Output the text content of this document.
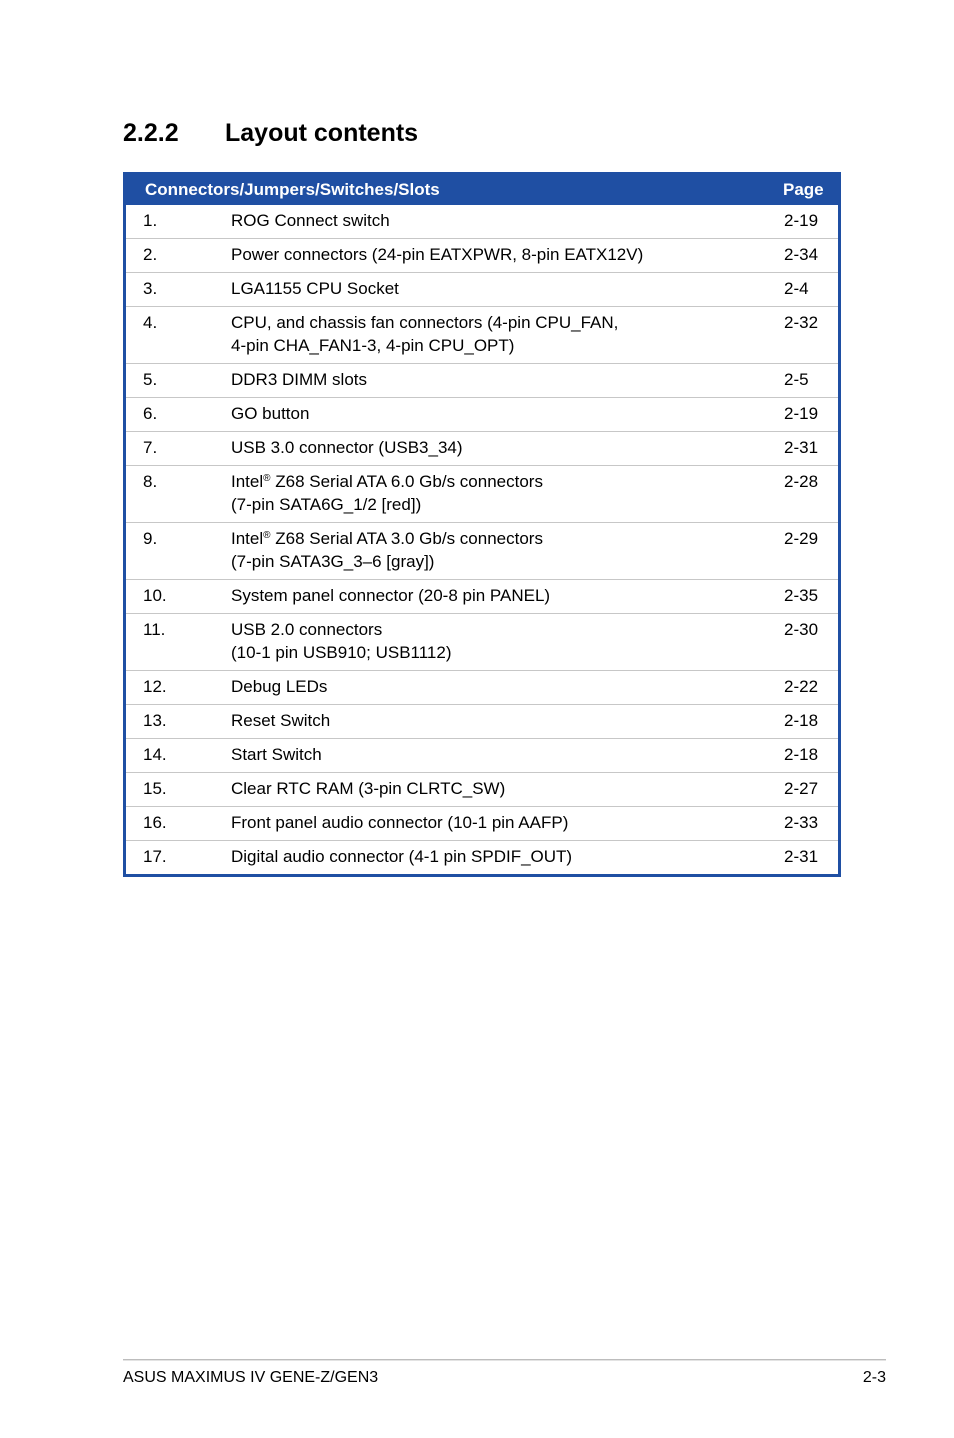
2.2.2 Layout contents
Connectors/Jumpers/Switches/Slots		Page
1.	ROG Connect switch	2-19
2.	Power connectors (24-pin EATXPWR, 8-pin EATX12V)	2-34
3.	LGA1155 CPU Socket	2-4
4.	CPU, and chassis fan connectors (4-pin CPU_FAN,
4-pin CHA_FAN1-3, 4-pin CPU_OPT)	2-32
5.	DDR3 DIMM slots	2-5
6.	GO button	2-19
7.	USB 3.0 connector (USB3_34)	2-31
8.	Intel® Z68 Serial ATA 6.0 Gb/s connectors
(7-pin SATA6G_1/2 [red])	2-28
9.	Intel® Z68 Serial ATA 3.0 Gb/s connectors
(7-pin SATA3G_3–6 [gray])	2-29
10.	System panel connector (20-8 pin PANEL)	2-35
11.	USB 2.0 connectors
(10-1 pin USB910; USB1112)	2-30
12.	Debug LEDs	2-22
13.	Reset Switch	2-18
14.	Start Switch	2-18
15.	Clear RTC RAM (3-pin CLRTC_SW)	2-27
16.	Front panel audio connector (10-1 pin AAFP)	2-33
17.	Digital audio connector (4-1 pin SPDIF_OUT)	2-31
ASUS MAXIMUS IV GENE-Z/GEN3	2-3
